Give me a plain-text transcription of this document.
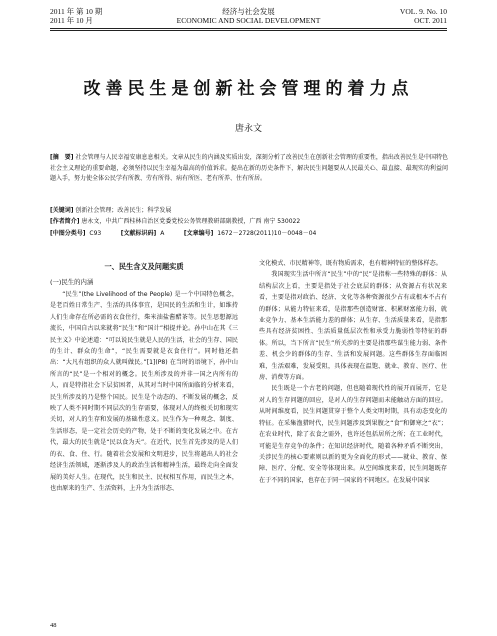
2011 年 第 10 期
2011 年 10 月
经济与社会发展
ECONOMIC AND SOCIAL DEVELOPMENT
VOL. 9. No. 10
OCT. 2011
改善民生是创新社会管理的着力点
唐永文
[摘　要] 社会管理与人民幸福安康息息相关。文章从民生的内涵及实质出发，深刻分析了改善民生在创新社会管理的重要性，指出改善民生是中国特色社会主义理论的重要命题，必须坚持以民生幸福为最高的价值诉求。提出在新的历史条件下，解决民生问题要从人民最关心、最直接、最现实的利益问题入手，努力使全体公民学有所教、劳有所得、病有所医、老有所养、住有所居。
[关键词] 创新社会管理；改善民生；科学发展
[作者简介] 唐永文，中共广西桂林自治区党委党校公务管理教研部副教授，广西 南宁 530022
[中图分类号] C93	[文献标识码] A	[文章编号] 1672－2728(2011)10－0048－04
一、民生含义及问题实质
(一)民生的内涵

“民生”(the Livelihood of the People) 是一个中国特色概念，是老百姓日常生产、生活的具体事宜，是国民的生活和生计，如维持人们生命存在所必需的衣食住行，柴米油盐酱醋茶等。民生思想源远流长，中国自古以来就将“民生”和“国计”相提并论。孙中山在其《三民主义》中论述道：“可以说民生就是人民的生活，社会的生存、国民的生计、群众的生命”，“民生需要就是衣食住行”。同时他还指出：“大凡有组织的众人就叫做民。”[1](P8) 在当时的语境下，孙中山所言的“民”是一个相对的概念。民生所涉及的并非一国之内所有的人，而是特指社会下层贫困者，从其对当时中国所面临的分析来看，民生所涉及的乃是整个国民。民生是个动态的、不断发展的概念，反映了人类不同时期不同层次的生存需要，体现对人的终极关切和现实关切，对人的生存和发展的基础性意义。民生作为一种观念、制度、生活形态，是一定社会历史的产物，处于不断的变化发展之中。在古代，最大的民生就是“民以食为天”。在近代，民生首先涉及的是人们的衣、食、住、行。随着社会发展和文明进步，民生将越出人的社会经济生活领域，逐渐涉及人的政治生活和精神生活，最终走向全面发展的美好人生。在现代，民生和民主、民权相互作用，而民生之本，也由原来的生产、生活资料，上升为生活形态、

文化模式、市民精神等，既有物质需求，也有精神特征的整体样态。

我国现实生活中所言“民生”中的“民”是指称一些特殊的群体：从结构层次上看，主要是指处于社会底层的群体；从资源占有状况来看，主要是指对政治、经济、文化等各种资源很少占有或根本不占有的群体；从能力特征来看，是指那些创造财富、积累财富能力弱，就业竞争力、基本生活能力差的群体；从生存、生活质量来看，是指那些具有经济贫困性、生活质量低层次性和承受力脆弱性等特征的群体。所以，当下所言“民生”所关涉的主要是指那些谋生能力弱、条件差、机会少的群体的生存、生活和发展问题。这些群体生存面临困难，生活艰难，发展受阻，具体表现在温饱、就业、教育、医疗、住房、消费等方面。

民生既是一个古老的问题，但也随着现代性的展开而展开，它是对人的生存问题的回应，是对人的生存问题而未能触动方面的回应。从时间维度看，民生问题贯穿于整个人类文明时期，具有动态变化的特征。在采集渔猎时代，民生问题涉及到果腹之“食”和御寒之“衣”；在农业时代，除了衣食之需外，也许还包括居所之所；在工业时代，可能是生存竞争的条件；在知识经济时代，随着各种矛盾不断突出，关涉民生的核心要素则以新的更为全面化的形式——就业、教育、保障、医疗、分配、安全等体现出来。从空间维度来看，民生问题既存在于不同的国家，也存在于同一国家的不同地区。在发展中国家

48
